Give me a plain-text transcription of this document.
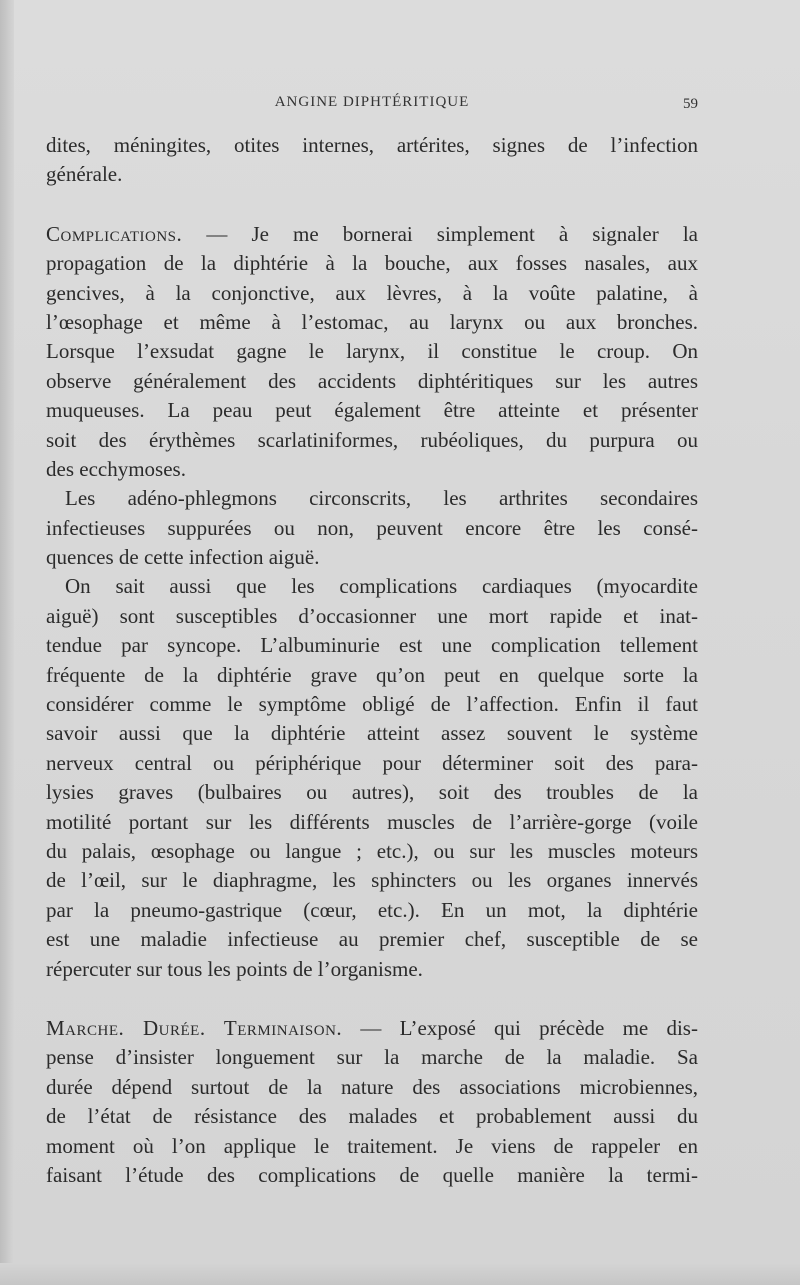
ANGINE DIPHTÉRITIQUE	59
dites, méningites, otites internes, artérites, signes de l’infection
générale.
Complications. — Je me bornerai simplement à signaler la
propagation de la diphtérie à la bouche, aux fosses nasales, aux
gencives, à la conjonctive, aux lèvres, à la voûte palatine, à
l’œsophage et même à l’estomac, au larynx ou aux bronches.
Lorsque l’exsudat gagne le larynx, il constitue le croup. On
observe généralement des accidents diphtéritiques sur les autres
muqueuses. La peau peut également être atteinte et présenter
soit des érythèmes scarlatiniformes, rubéoliques, du purpura ou
des ecchymoses.
Les adéno-phlegmons circonscrits, les arthrites secondaires
infectieuses suppurées ou non, peuvent encore être les consé-
quences de cette infection aiguë.
On sait aussi que les complications cardiaques (myocardite
aiguë) sont susceptibles d’occasionner une mort rapide et inat-
tendue par syncope. L’albuminurie est une complication tellement
fréquente de la diphtérie grave qu’on peut en quelque sorte la
considérer comme le symptôme obligé de l’affection. Enfin il faut
savoir aussi que la diphtérie atteint assez souvent le système
nerveux central ou périphérique pour déterminer soit des para-
lysies graves (bulbaires ou autres), soit des troubles de la
motilité portant sur les différents muscles de l’arrière-gorge (voile
du palais, œsophage ou langue ; etc.), ou sur les muscles moteurs
de l’œil, sur le diaphragme, les sphincters ou les organes innervés
par la pneumo-gastrique (cœur, etc.). En un mot, la diphtérie
est une maladie infectieuse au premier chef, susceptible de se
répercuter sur tous les points de l’organisme.
Marche. Durée. Terminaison. — L’exposé qui précède me dis-
pense d’insister longuement sur la marche de la maladie. Sa
durée dépend surtout de la nature des associations microbiennes,
de l’état de résistance des malades et probablement aussi du
moment où l’on applique le traitement. Je viens de rappeler en
faisant l’étude des complications de quelle manière la termi-
